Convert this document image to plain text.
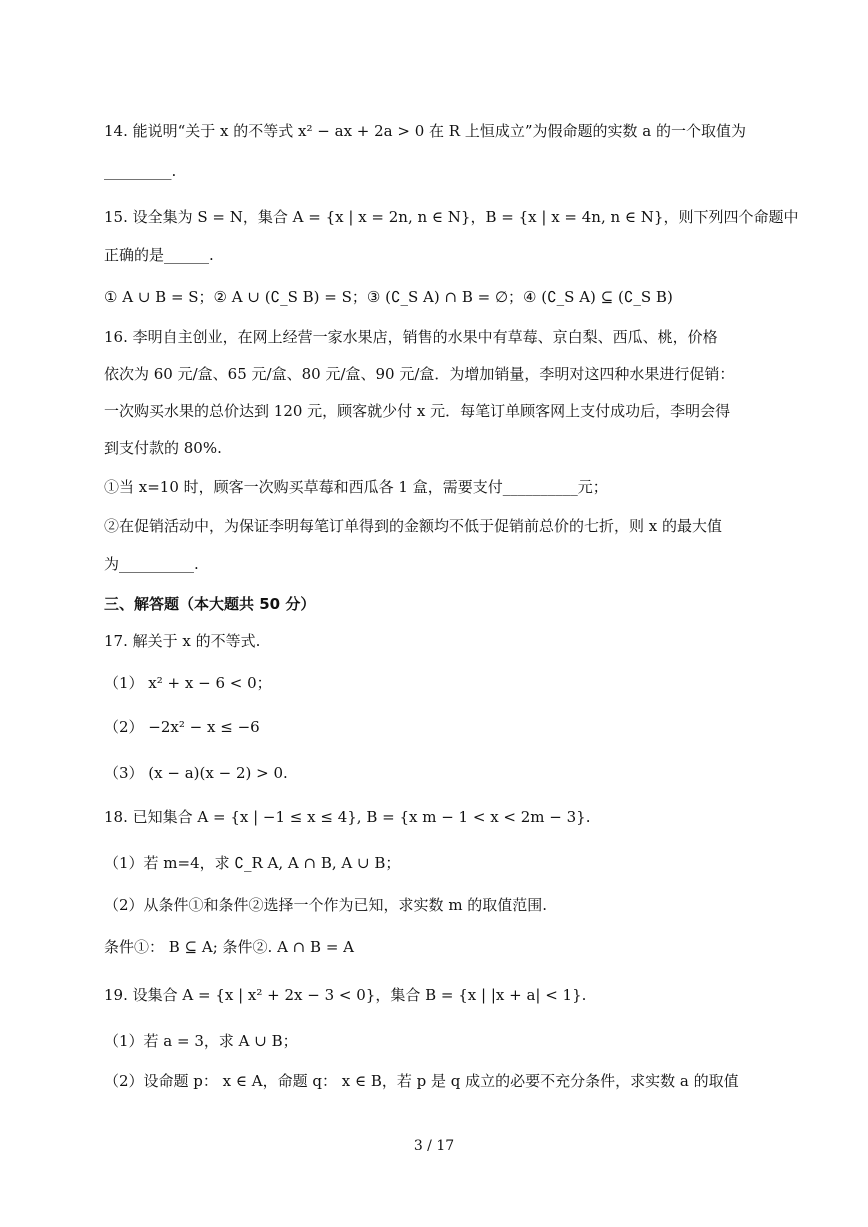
14. 能说明“关于 x 的不等式 x² − ax + 2a > 0 在 R 上恒成立”为假命题的实数 a 的一个取值为
_________.
15. 设全集为 S = N，集合 A = {x | x = 2n, n ∈ N}，B = {x | x = 4n, n ∈ N}，则下列四个命题中
正确的是______.
① A ∪ B = S；② A ∪ (∁_S B) = S；③ (∁_S A) ∩ B = ∅；④ (∁_S A) ⊆ (∁_S B)
16. 李明自主创业，在网上经营一家水果店，销售的水果中有草莓、京白梨、西瓜、桃，价格
依次为 60 元/盒、65 元/盒、80 元/盒、90 元/盒．为增加销量，李明对这四种水果进行促销：
一次购买水果的总价达到 120 元，顾客就少付 x 元．每笔订单顾客网上支付成功后，李明会得
到支付款的 80%.
①当 x=10 时，顾客一次购买草莓和西瓜各 1 盒，需要支付__________元；
②在促销活动中，为保证李明每笔订单得到的金额均不低于促销前总价的七折，则 x 的最大值
为__________.
三、解答题（本大题共 50 分）
17. 解关于 x 的不等式.
（1） x² + x − 6 < 0；
（2） −2x² − x ≤ −6
（3） (x − a)(x − 2) > 0.
18. 已知集合 A = {x | −1 ≤ x ≤ 4}, B = {x m − 1 < x < 2m − 3}.
（1）若 m=4，求 ∁_R A, A ∩ B, A ∪ B；
（2）从条件①和条件②选择一个作为已知，求实数 m 的取值范围.
条件①： B ⊆ A; 条件②. A ∩ B = A
19. 设集合 A = {x | x² + 2x − 3 < 0}，集合 B = {x | |x + a| < 1}.
（1）若 a = 3，求 A ∪ B；
（2）设命题 p： x ∈ A，命题 q： x ∈ B，若 p 是 q 成立的必要不充分条件，求实数 a 的取值
3 / 17
